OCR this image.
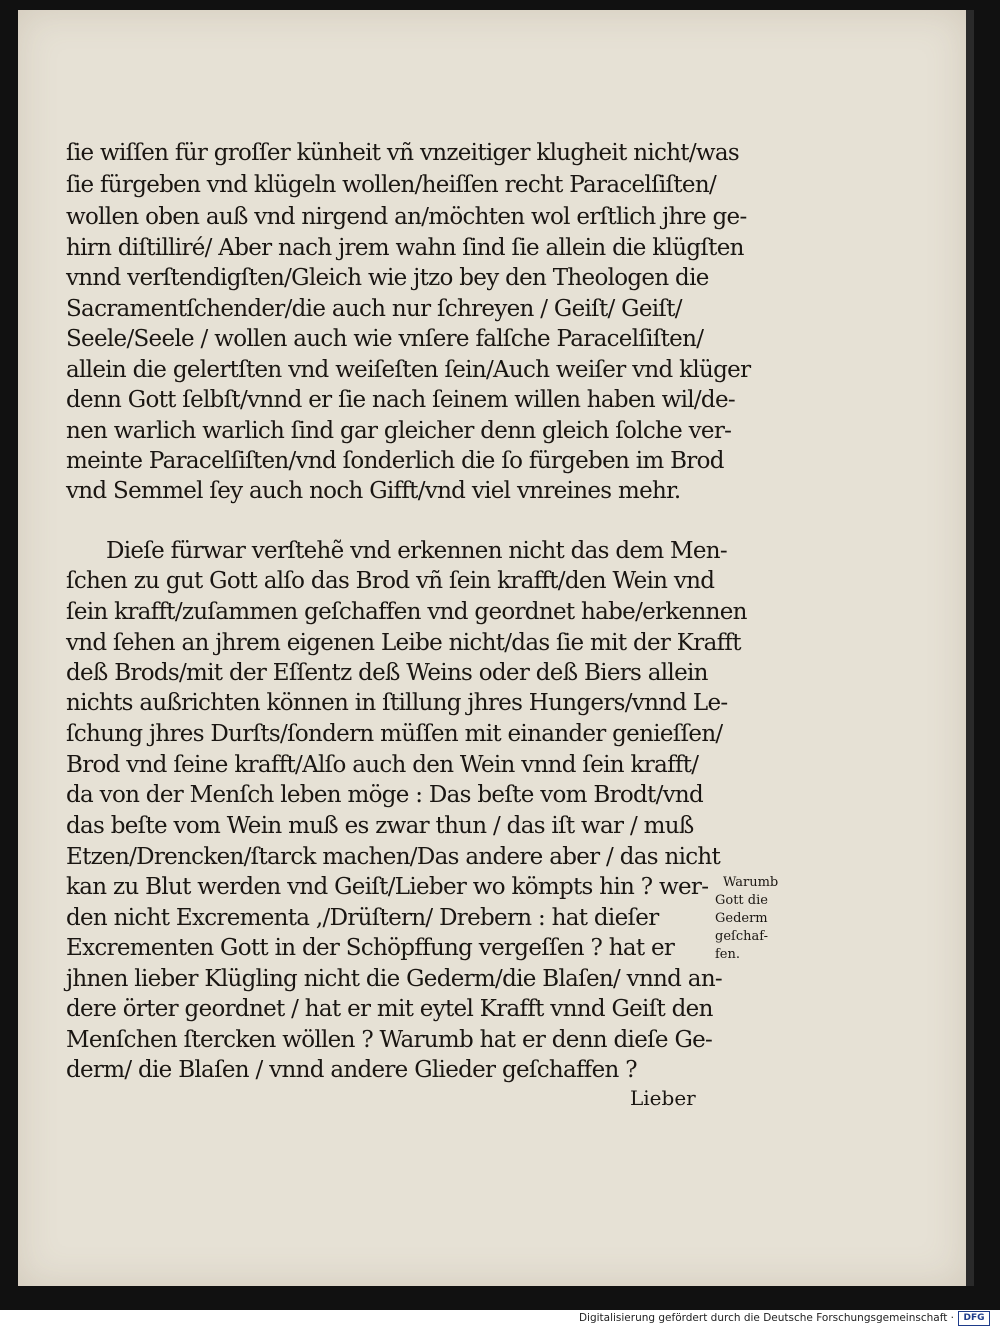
ſie wiſſen für groſſer künheit vñ vnzeitiger klugheit nicht/was
ſie fürgeben vnd klügeln wollen/heiſſen recht Paracelſiſten/
wollen oben auß vnd nirgend an/möchten wol erſtlich jhre ge-
hirn diſtilliré/ Aber nach jrem wahn ſind ſie allein die klügſten
vnnd verſtendigſten/Gleich wie jtzo bey den Theologen die
Sacramentſchender/die auch nur ſchreyen / Geiſt/ Geiſt/
Seele/Seele / wollen auch wie vnſere falſche Paracelſiſten/
allein die gelertſten vnd weiſeſten ſein/Auch weiſer vnd klüger
denn Gott ſelbſt/vnnd er ſie nach ſeinem willen haben wil/de-
nen warlich warlich ſind gar gleicher denn gleich ſolche ver-
meinte Paracelſiſten/vnd ſonderlich die ſo fürgeben im Brod
vnd Semmel ſey auch noch Gifft/vnd viel vnreines mehr.
Dieſe fürwar verſtehẽ vnd erkennen nicht das dem Men-
ſchen zu gut Gott alſo das Brod vñ ſein krafft/den Wein vnd
ſein krafft/zuſammen geſchaffen vnd geordnet habe/erkennen
vnd ſehen an jhrem eigenen Leibe nicht/das ſie mit der Krafft
deß Brods/mit der Eſſentz deß Weins oder deß Biers allein
nichts außrichten können in ſtillung jhres Hungers/vnnd Le-
ſchung jhres Durſts/ſondern müſſen mit einander genieſſen/
Brod vnd ſeine krafft/Alſo auch den Wein vnnd ſein krafft/
da von der Menſch leben möge : Das beſte vom Brodt/vnd
das beſte vom Wein muß es zwar thun / das iſt war / muß
Etzen/Drencken/ſtarck machen/Das andere aber / das nicht
kan zu Blut werden vnd Geiſt/Lieber wo kömpts hin ? wer-
den nicht Excrementa ,/Drüſtern/ Drebern : hat dieſer
Excrementen Gott in der Schöpffung vergeſſen ? hat er
jhnen lieber Klügling nicht die Gederm/die Blaſen/ vnnd an-
dere örter geordnet / hat er mit eytel Krafft vnnd Geiſt den
Menſchen ſtercken wöllen ? Warumb hat er denn dieſe Ge-
derm/ die Blaſen / vnnd andere Glieder geſchaffen ?
Lieber
Warumb
Gott die
Gederm
geſchaf-
fen.
Digitalisierung gefördert durch die Deutsche Forschungsgemeinschaft ·	DFG
